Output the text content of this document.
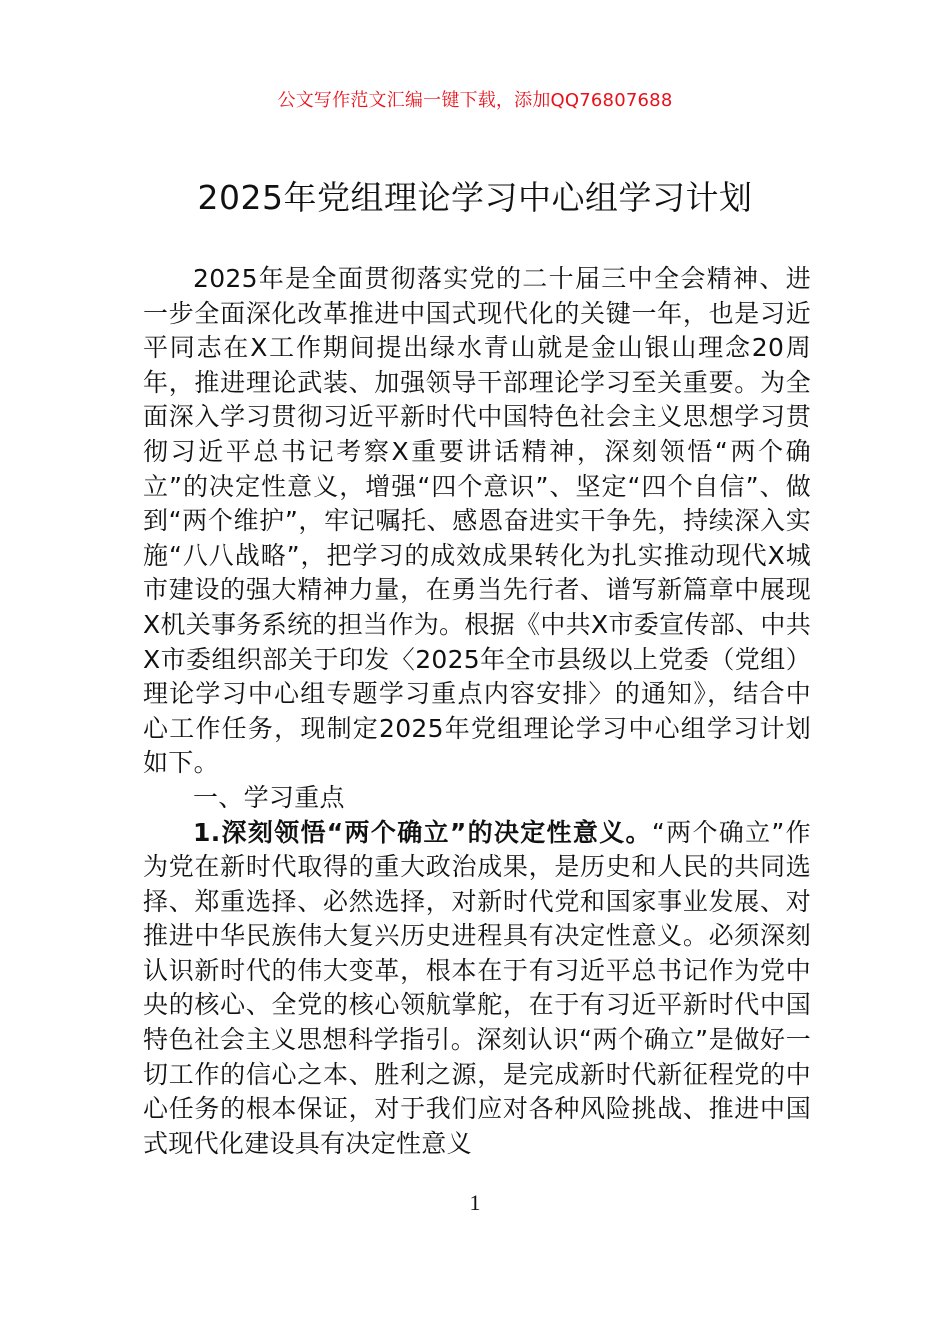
公文写作范文汇编一键下载，添加QQ76807688
2025年党组理论学习中心组学习计划

2025年是全面贯彻落实党的二十届三中全会精神、进一步全面深化改革推进中国式现代化的关键一年，也是习近平同志在X工作期间提出绿水青山就是金山银山理念20周年，推进理论武装、加强领导干部理论学习至关重要。为全面深入学习贯彻习近平新时代中国特色社会主义思想学习贯彻习近平总书记考察X重要讲话精神，深刻领悟“两个确立”的决定性意义，增强“四个意识”、坚定“四个自信”、做到“两个维护”，牢记嘱托、感恩奋进实干争先，持续深入实施“八八战略”，把学习的成效成果转化为扎实推动现代X城市建设的强大精神力量，在勇当先行者、谱写新篇章中展现X机关事务系统的担当作为。根据《中共X市委宣传部、中共X市委组织部关于印发〈2025年全市县级以上党委（党组）理论学习中心组专题学习重点内容安排〉的通知》，结合中心工作任务，现制定2025年党组理论学习中心组学习计划如下。

一、学习重点

1.深刻领悟“两个确立”的决定性意义。“两个确立”作为党在新时代取得的重大政治成果，是历史和人民的共同选择、郑重选择、必然选择，对新时代党和国家事业发展、对推进中华民族伟大复兴历史进程具有决定性意义。必须深刻认识新时代的伟大变革，根本在于有习近平总书记作为党中央的核心、全党的核心领航掌舵，在于有习近平新时代中国特色社会主义思想科学指引。深刻认识“两个确立”是做好一切工作的信心之本、胜利之源，是完成新时代新征程党的中心任务的根本保证，对于我们应对各种风险挑战、推进中国式现代化建设具有决定性意义

1
